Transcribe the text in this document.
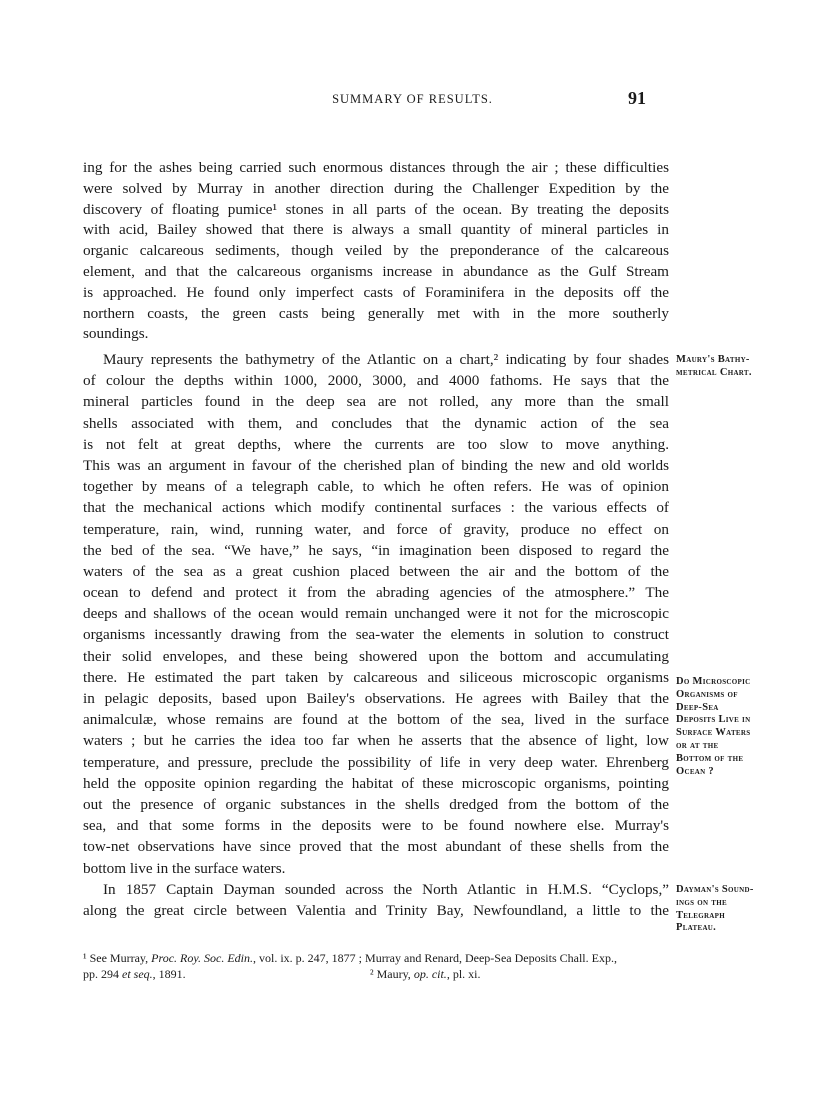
SUMMARY OF RESULTS.	91
ing for the ashes being carried such enormous distances through the air ; these difficulties
were solved by Murray in another direction during the Challenger Expedition by the
discovery of floating pumice¹ stones in all parts of the ocean. By treating the deposits
with acid, Bailey showed that there is always a small quantity of mineral particles in
organic calcareous sediments, though veiled by the preponderance of the calcareous
element, and that the calcareous organisms increase in abundance as the Gulf Stream
is approached. He found only imperfect casts of Foraminifera in the deposits off the
northern coasts, the green casts being generally met with in the more southerly
soundings.
Maury represents the bathymetry of the Atlantic on a chart,² indicating by four shades
of colour the depths within 1000, 2000, 3000, and 4000 fathoms. He says that the
mineral particles found in the deep sea are not rolled, any more than the small
shells associated with them, and concludes that the dynamic action of the sea
is not felt at great depths, where the currents are too slow to move anything.
This was an argument in favour of the cherished plan of binding the new and old worlds
together by means of a telegraph cable, to which he often refers. He was of opinion
that the mechanical actions which modify continental surfaces : the various effects of
temperature, rain, wind, running water, and force of gravity, produce no effect on
the bed of the sea. “We have,” he says, “in imagination been disposed to regard the
waters of the sea as a great cushion placed between the air and the bottom of the
ocean to defend and protect it from the abrading agencies of the atmosphere.” The
deeps and shallows of the ocean would remain unchanged were it not for the microscopic
organisms incessantly drawing from the sea-water the elements in solution to construct
their solid envelopes, and these being showered upon the bottom and accumulating
there. He estimated the part taken by calcareous and siliceous microscopic organisms
in pelagic deposits, based upon Bailey's observations. He agrees with Bailey that the
animalculæ, whose remains are found at the bottom of the sea, lived in the surface
waters ; but he carries the idea too far when he asserts that the absence of light, low
temperature, and pressure, preclude the possibility of life in very deep water. Ehrenberg
held the opposite opinion regarding the habitat of these microscopic organisms, pointing
out the presence of organic substances in the shells dredged from the bottom of the
sea, and that some forms in the deposits were to be found nowhere else. Murray's
tow-net observations have since proved that the most abundant of these shells from the
bottom live in the surface waters.
In 1857 Captain Dayman sounded across the North Atlantic in H.M.S. “Cyclops,”
along the great circle between Valentia and Trinity Bay, Newfoundland, a little to the
Maury's Bathy-
metrical Chart.
Do Microscopic
Organisms of
Deep-Sea
Deposits Live in
Surface Waters
or at the
Bottom of the
Ocean ?
Dayman's Sound-
ings on the
Telegraph
Plateau.
¹ See Murray, Proc. Roy. Soc. Edin., vol. ix. p. 247, 1877 ; Murray and Renard, Deep-Sea Deposits Chall. Exp.,
pp. 294 et seq., 1891.	² Maury, op. cit., pl. xi.
